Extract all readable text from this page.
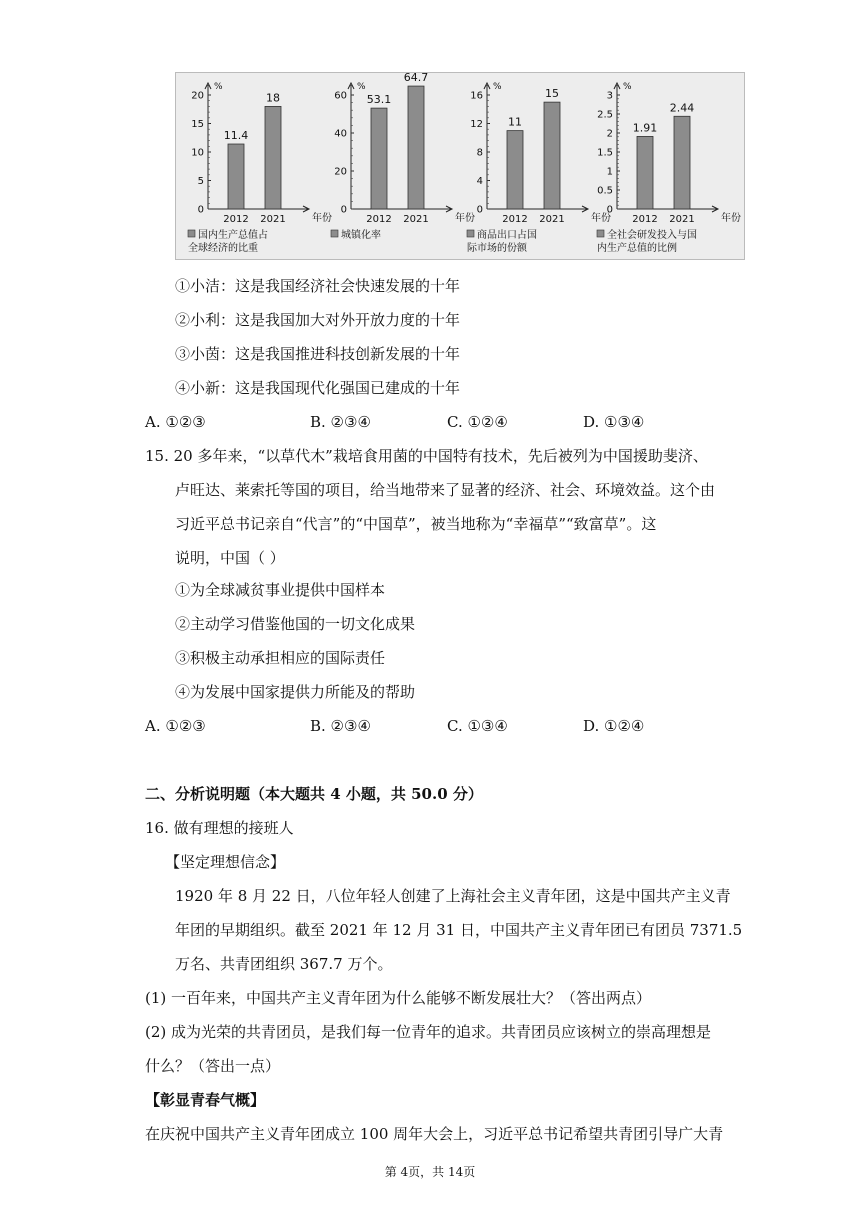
%
年份
0
5
10
15
20
11.4
2012
18
2021
国内生产总值占
全球经济的比重
%
年份
0
20
40
60 53.1
2012
64.7
2021
城镇化率
%
年份
0
4
8
12
16
11
2012
15
2021
商品出口占国
际市场的份额
%
年份
0
0.5
1
1.5
2
2.5
3
1.91
2012
2.44
2021
全社会研发投入与国
内生产总值的比例
①小洁：这是我国经济社会快速发展的十年
②小利：这是我国加大对外开放力度的十年
③小茵：这是我国推进科技创新发展的十年
④小新：这是我国现代化强国已建成的十年
A. ①②③	B. ②③④	C. ①②④	D. ①③④
15. 20 多年来，“以草代木”栽培食用菌的中国特有技术，先后被列为中国援助斐济、
卢旺达、莱索托等国的项目，给当地带来了显著的经济、社会、环境效益。这个由
习近平总书记亲自“代言”的“中国草”，被当地称为“幸福草”“致富草”。这
说明，中国（ ）
①为全球减贫事业提供中国样本
②主动学习借鉴他国的一切文化成果
③积极主动承担相应的国际责任
④为发展中国家提供力所能及的帮助
A. ①②③	B. ②③④	C. ①③④	D. ①②④
二、分析说明题（本大题共 4 小题，共 50.0 分）
16. 做有理想的接班人
【坚定理想信念】
1920 年 8 月 22 日，八位年轻人创建了上海社会主义青年团，这是中国共产主义青
年团的早期组织。截至 2021 年 12 月 31 日，中国共产主义青年团已有团员 7371.5
万名、共青团组织 367.7 万个。
(1) 一百年来，中国共产主义青年团为什么能够不断发展壮大？（答出两点）
(2) 成为光荣的共青团员，是我们每一位青年的追求。共青团员应该树立的崇高理想是
什么？（答出一点）
【彰显青春气概】
在庆祝中国共产主义青年团成立 100 周年大会上，习近平总书记希望共青团引导广大青
第 4页，共 14页
